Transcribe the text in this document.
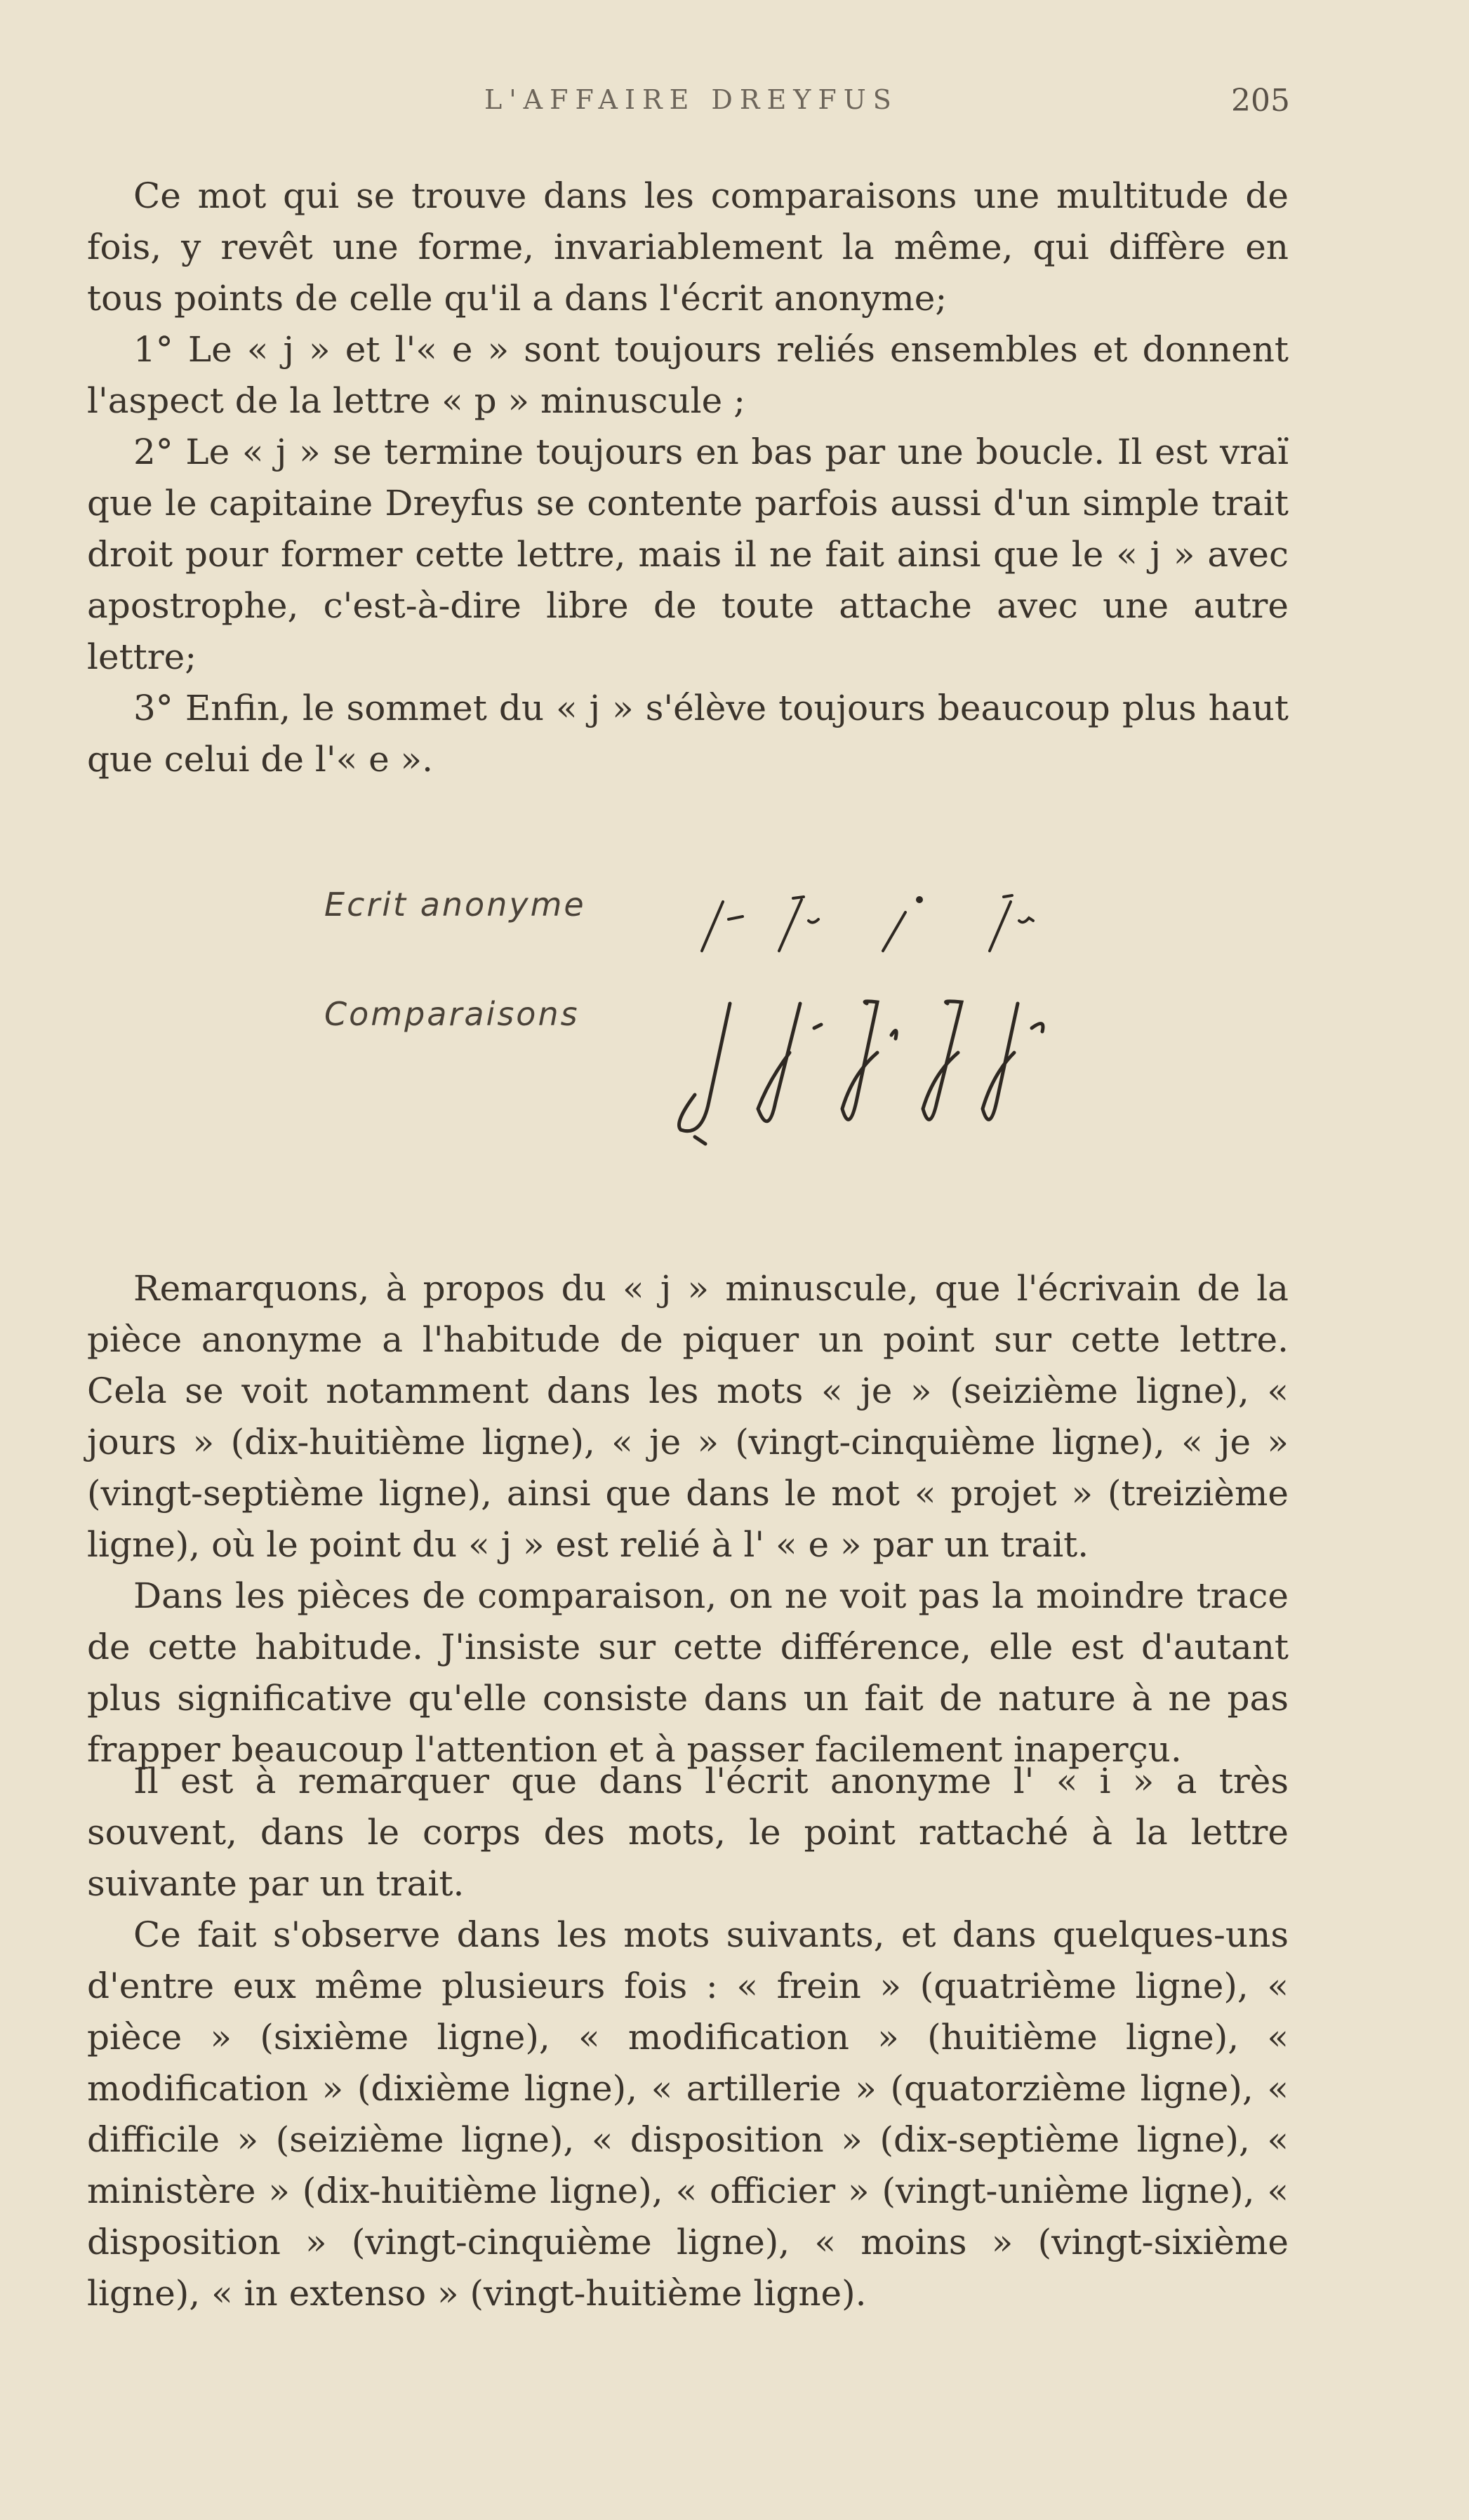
L'AFFAIRE DREYFUS	205

Ce mot qui se trouve dans les comparaisons une multitude de fois, y revêt une forme, invariablement la même, qui diffère en tous points de celle qu'il a dans l'écrit anonyme;

1° Le « j » et l'« e » sont toujours reliés ensembles et donnent l'aspect de la lettre « p » minuscule ;

2° Le « j » se termine toujours en bas par une boucle. Il est vraï que le capitaine Dreyfus se contente parfois aussi d'un simple trait droit pour former cette lettre, mais il ne fait ainsi que le « j » avec apostrophe, c'est-à-dire libre de toute attache avec une autre lettre;

3° Enfin, le sommet du « j » s'élève toujours beaucoup plus haut que celui de l'« e ».

Ecrit anonyme
Comparaisons

Remarquons, à propos du « j » minuscule, que l'écrivain de la pièce anonyme a l'habitude de piquer un point sur cette lettre. Cela se voit notamment dans les mots « je » (seizième ligne), « jours » (dix-huitième ligne), « je » (vingt-cinquième ligne), « je » (vingt-septième ligne), ainsi que dans le mot « projet » (treizième ligne), où le point du « j » est relié à l' « e » par un trait.

Dans les pièces de comparaison, on ne voit pas la moindre trace de cette habitude. J'insiste sur cette différence, elle est d'autant plus significative qu'elle consiste dans un fait de nature à ne pas frapper beaucoup l'attention et à passer facilement inaperçu.

Il est à remarquer que dans l'écrit anonyme l' « i » a très souvent, dans le corps des mots, le point rattaché à la lettre suivante par un trait.

Ce fait s'observe dans les mots suivants, et dans quelques-uns d'entre eux même plusieurs fois : « frein » (quatrième ligne), « pièce » (sixième ligne), « modification » (huitième ligne), « modification » (dixième ligne), « artillerie » (quatorzième ligne), « difficile » (seizième ligne), « disposition » (dix-septième ligne), « ministère » (dix-huitième ligne), « officier » (vingt-unième ligne), « disposition » (vingt-cinquième ligne), « moins » (vingt-sixième ligne), « in extenso » (vingt-huitième ligne).
